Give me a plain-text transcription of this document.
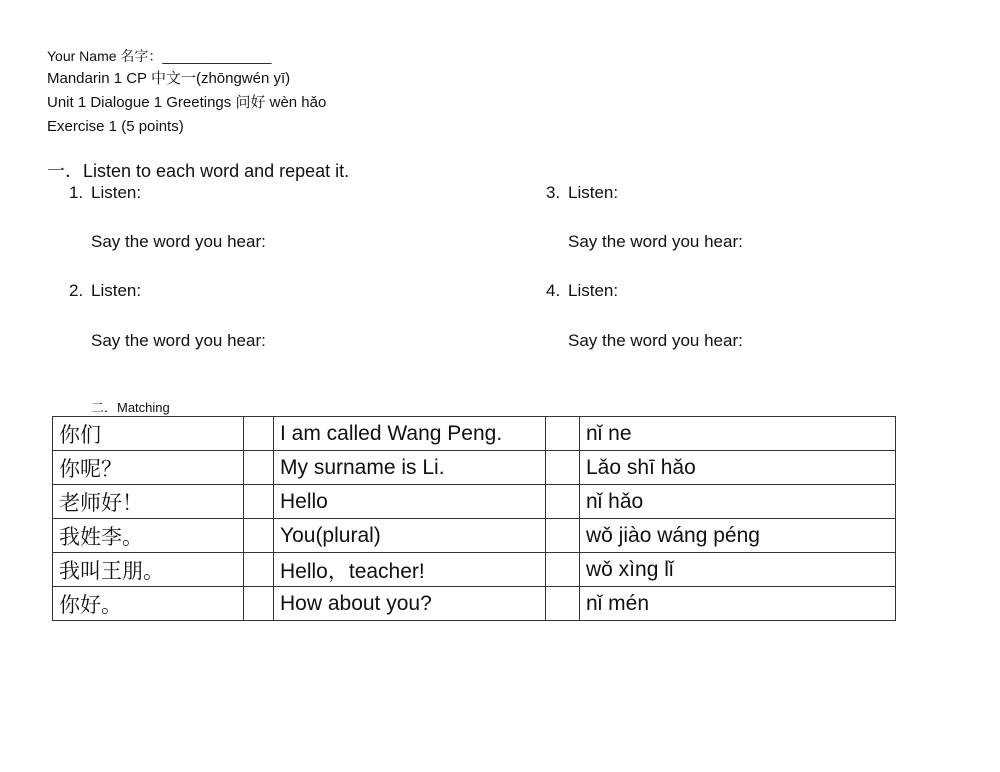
Your Name 名字：______________
Mandarin 1 CP 中文一(zhōngwén yī)
Unit 1 Dialogue 1 Greetings 问好 wèn hǎo
Exercise 1 (5 points)
一．Listen to each word and repeat it.
1. Listen:
Say the word you hear:
2. Listen:
Say the word you hear:
3. Listen:
Say the word you hear:
4. Listen:
Say the word you hear:
二．Matching
你们		I am called Wang Peng.		nǐ ne
你呢？		My surname is Li.		Lǎo shī hǎo
老师好！		Hello		nǐ hǎo
我姓李。		You(plural)		wǒ jiào wáng péng
我叫王朋。		Hello，teacher!		wǒ xìng lǐ
你好。		How about you?		nǐ mén
